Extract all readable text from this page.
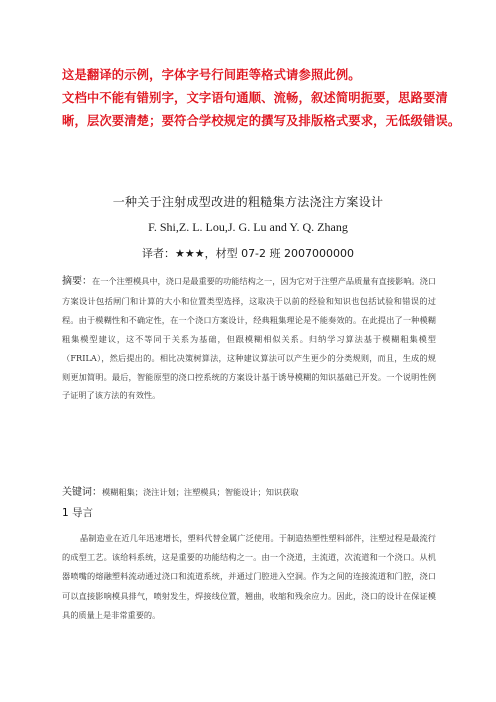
这是翻译的示例，字体字号行间距等格式请参照此例。

文档中不能有错别字，文字语句通顺、流畅，叙述简明扼要，思路要清晰，层次要清楚；要符合学校规定的撰写及排版格式要求，无低级错误。

一种关于注射成型改进的粗糙集方法浇注方案设计
F. Shi,Z. L. Lou,J. G. Lu and Y. Q. Zhang
译者：★★★，材型 07-2 班 2007000000
摘要：在一个注塑模具中，浇口是最重要的功能结构之一，因为它对于注塑产品质量有直接影响。浇口方案设计包括闸门和计算的大小和位置类型选择，这取决于以前的经验和知识也包括试验和错误的过程。由于模糊性和不确定性，在一个浇口方案设计，经典粗集理论是不能奏效的。在此提出了一种模糊粗集模型建议，这不等同于关系为基础，但跟模糊相似关系。归纳学习算法基于模糊粗集模型（FRILA），然后提出的。相比决策树算法，这种建议算法可以产生更少的分类规则，而且，生成的规则更加简明。最后，智能原型的浇口控系统的方案设计基于诱导模糊的知识基础已开发。一个说明性例子证明了该方法的有效性。
关键词：模糊粗集；浇注计划；注塑模具；智能设计；知识获取
1 导言

晶制造业在近几年迅速增长，塑料代替金属广泛使用。于制造热塑性塑料部件，注塑过程是最流行的成型工艺。该给料系统，这是重要的功能结构之一。由一个浇道，主流道，次流道和一个浇口。从机器喷嘴的熔融塑料流动通过浇口和流道系统，并通过门腔进入空洞。作为之间的连接流道和门腔，浇口可以直接影响模具排气，喷射发生，焊接线位置，翘曲，收缩和残余应力。因此，浇口的设计在保证模具的质量上是非常重要的。
